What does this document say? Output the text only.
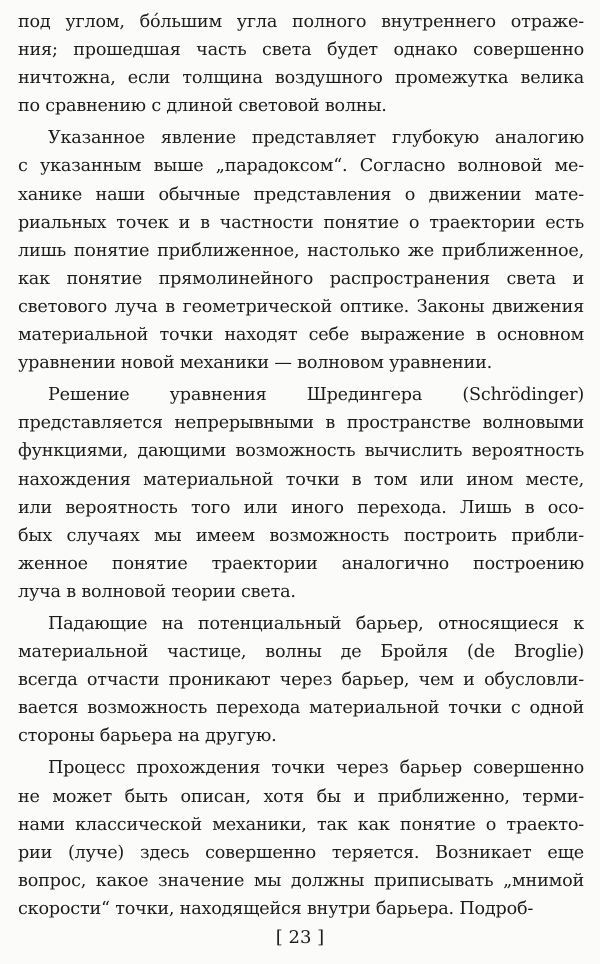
под углом, бо́льшим угла полного внутреннего отраже-
ния; прошедшая часть света будет однако совершенно
ничтожна, если толщина воздушного промежутка велика
по сравнению с длиной световой волны.
Указанное явление представляет глубокую аналогию
с указанным выше „парадоксом“. Согласно волновой ме-
ханике наши обычные представления о движении мате-
риальных точек и в частности понятие о траектории есть
лишь понятие приближенное, настолько же приближенное,
как понятие прямолинейного распространения света и
светового луча в геометрической оптике. Законы движения
материальной точки находят себе выражение в основном
уравнении новой механики — волновом уравнении.
Решение уравнения Шредингера (Schrödinger)
представляется непрерывными в пространстве волновыми
функциями, дающими возможность вычислить вероятность
нахождения материальной точки в том или ином месте,
или вероятность того или иного перехода. Лишь в осо-
бых случаях мы имеем возможность построить прибли-
женное понятие траектории аналогично построению
луча в волновой теории света.
Падающие на потенциальный барьер, относящиеся к
материальной частице, волны де Бройля (de Broglie)
всегда отчасти проникают через барьер, чем и обусловли-
вается возможность перехода материальной точки с одной
стороны барьера на другую.
Процесс прохождения точки через барьер совершенно
не может быть описан, хотя бы и приближенно, терми-
нами классической механики, так как понятие о траекто-
рии (луче) здесь совершенно теряется. Возникает еще
вопрос, какое значение мы должны приписывать „мнимой
скорости“ точки, находящейся внутри барьера. Подроб-
[ 23 ]
